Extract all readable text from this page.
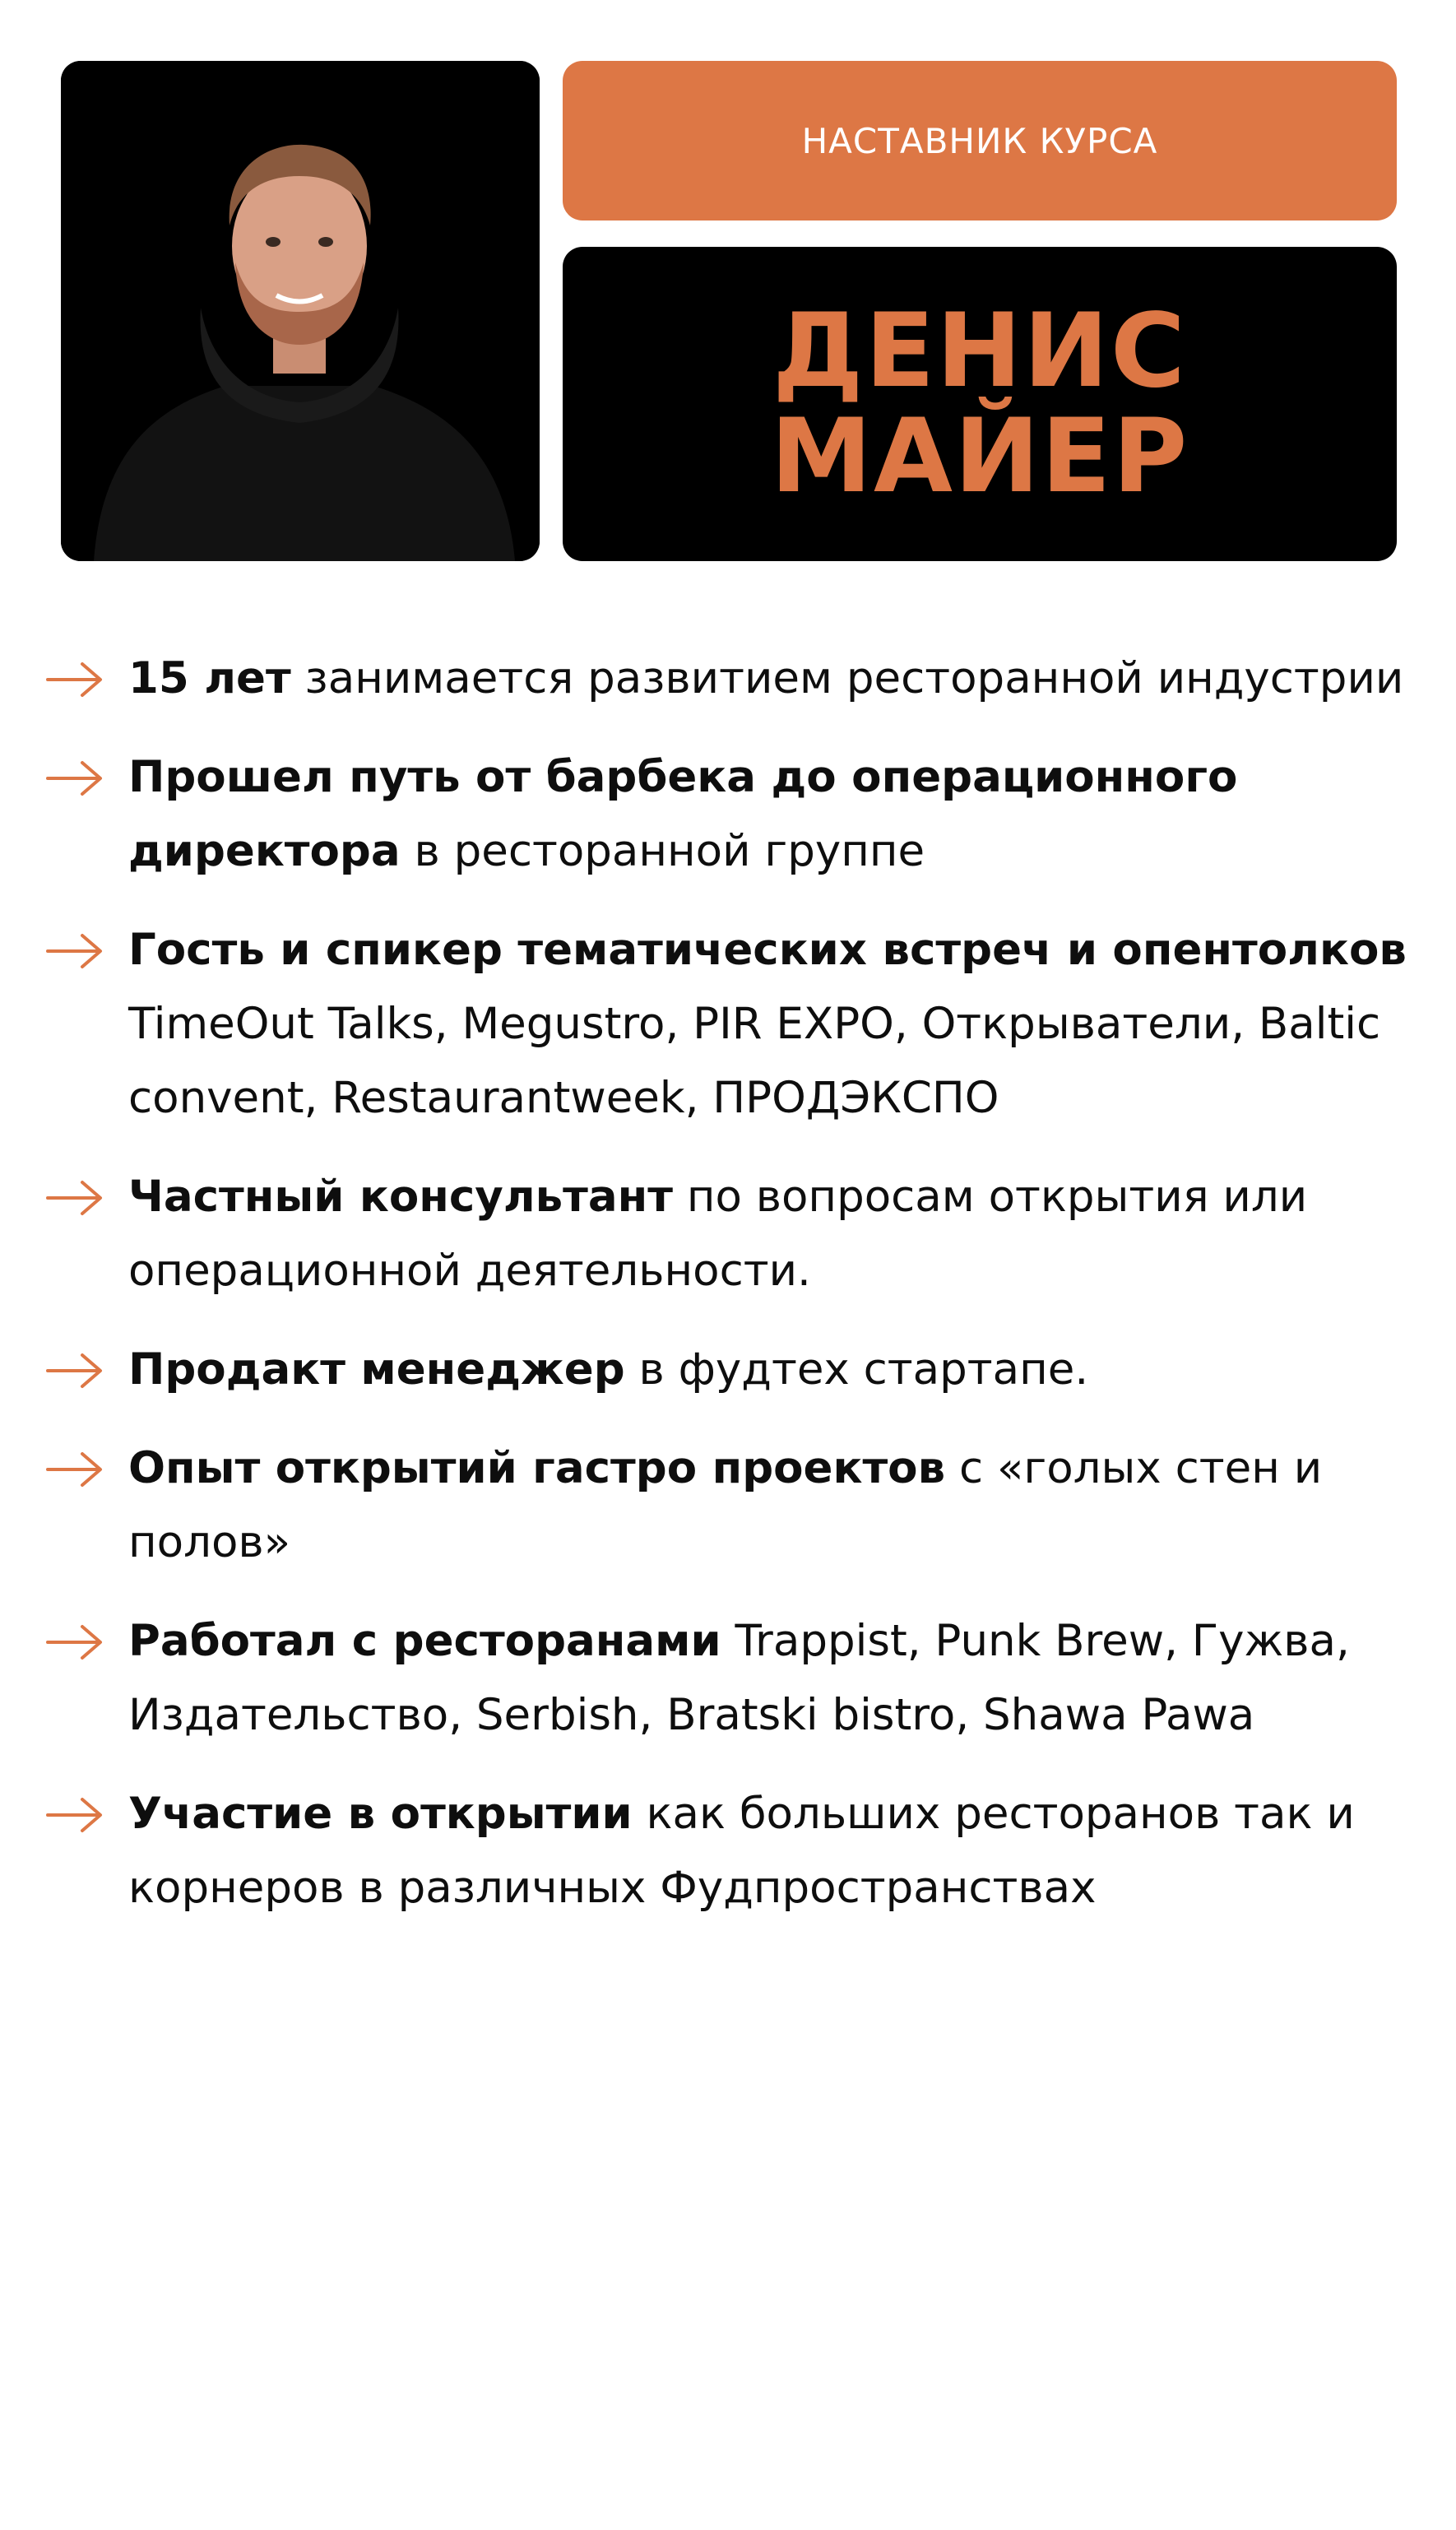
НАСТАВНИК КУРСА
ДЕНИС
МАЙЕР
15 лет занимается развитием ресторанной индустрии
Прошел путь от барбека до операционного директора в ресторанной группе
Гость и спикер тематических встреч и опентолков TimeOut Talks, Megustro, PIR EXPO, Открыватели, Baltic convent, Restaurantweek, ПРОДЭКСПО
Частный консультант по вопросам открытия или операционной деятельности.
Продакт менеджер в фудтех стартапе.
Опыт открытий гастро проектов с «голых стен и полов»
Работал с ресторанами Trappist, Punk Brew, Гужва, Издательство, Serbish, Bratski bistro, Shawa Pawa
Участие в открытии как больших ресторанов так и корнеров в различных Фудпространствах
